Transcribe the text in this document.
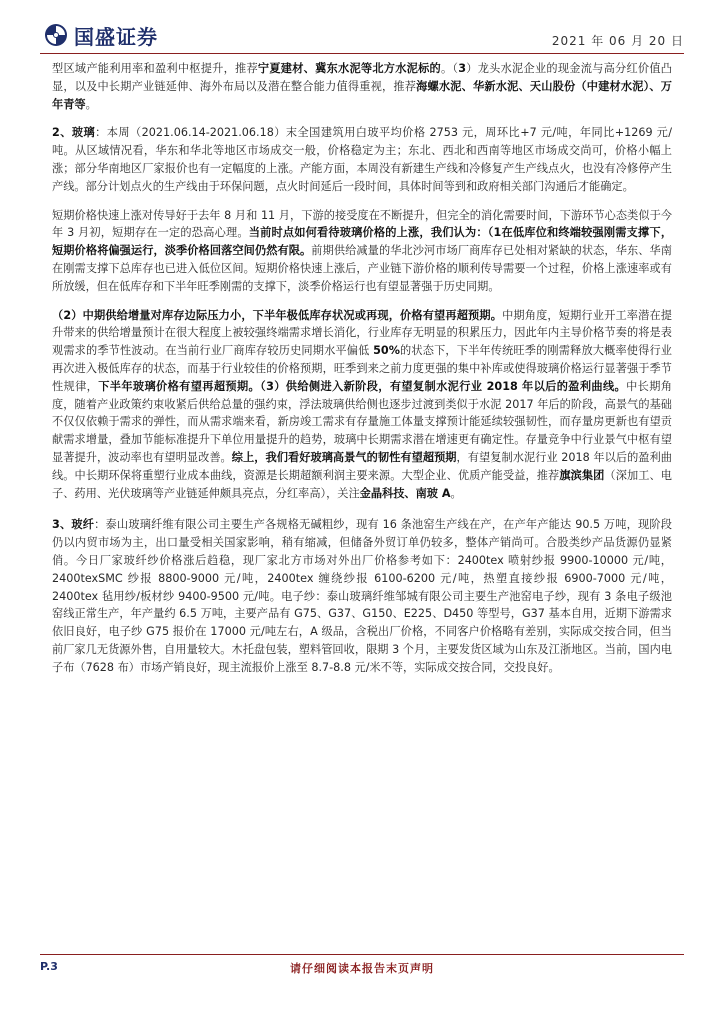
国盛证券	2021 年 06 月 20 日

型区域产能利用率和盈利中枢提升，推荐宁夏建材、冀东水泥等北方水泥标的。（3）龙头水泥企业的现金流与高分红价值凸显，以及中长期产业链延伸、海外布局以及潜在整合能力值得重视，推荐海螺水泥、华新水泥、天山股份（中建材水泥）、万年青等。

2、玻璃：本周（2021.06.14-2021.06.18）末全国建筑用白玻平均价格 2753 元，周环比+7 元/吨，年同比+1269 元/吨。从区域情况看，华东和华北等地区市场成交一般，价格稳定为主；东北、西北和西南等地区市场成交尚可，价格小幅上涨；部分华南地区厂家报价也有一定幅度的上涨。产能方面，本周没有新建生产线和冷修复产生产线点火，也没有冷修停产生产线。部分计划点火的生产线由于环保问题，点火时间延后一段时间，具体时间等到和政府相关部门沟通后才能确定。

短期价格快速上涨对传导好于去年 8 月和 11 月，下游的接受度在不断提升，但完全的消化需要时间，下游环节心态类似于今年 3 月初，短期存在一定的恐高心理。当前时点如何看待玻璃价格的上涨，我们认为：（1在低库位和终端较强刚需支撑下，短期价格将偏强运行，淡季价格回落空间仍然有限。前期供给减量的华北沙河市场厂商库存已处相对紧缺的状态，华东、华南在刚需支撑下总库存也已进入低位区间。短期价格快速上涨后，产业链下游价格的顺利传导需要一个过程，价格上涨速率或有所放缓，但在低库存和下半年旺季刚需的支撑下，淡季价格运行也有望显著强于历史同期。

（2）中期供给增量对库存边际压力小，下半年极低库存状况或再现，价格有望再超预期。中期角度，短期行业开工率潜在提升带来的供给增量预计在很大程度上被较强终端需求增长消化，行业库存无明显的积累压力，因此年内主导价格节奏的将是表观需求的季节性波动。在当前行业厂商库存较历史同期水平偏低 50%的状态下，下半年传统旺季的刚需释放大概率使得行业再次进入极低库存的状态，而基于行业较佳的价格预期，旺季到来之前力度更强的集中补库或使得玻璃价格运行显著强于季节性规律，下半年玻璃价格有望再超预期。（3）供给侧进入新阶段，有望复制水泥行业 2018 年以后的盈利曲线。中长期角度，随着产业政策约束收紧后供给总量的强约束，浮法玻璃供给侧也逐步过渡到类似于水泥 2017 年后的阶段，高景气的基础不仅仅依赖于需求的弹性，而从需求端来看，新房竣工需求有存量施工体量支撑预计能延续较强韧性，而存量房更新也有望贡献需求增量，叠加节能标准提升下单位用量提升的趋势，玻璃中长期需求潜在增速更有确定性。存量竞争中行业景气中枢有望显著提升，波动率也有望明显改善。综上，我们看好玻璃高景气的韧性有望超预期，有望复制水泥行业 2018 年以后的盈利曲线。中长期环保将重塑行业成本曲线，资源是长期超额利润主要来源。大型企业、优质产能受益，推荐旗滨集团（深加工、电子、药用、光伏玻璃等产业链延伸颇具亮点，分红率高），关注金晶科技、南玻 A。

3、玻纤：泰山玻璃纤维有限公司主要生产各规格无碱粗纱，现有 16 条池窑生产线在产，在产年产能达 90.5 万吨，现阶段仍以内贸市场为主，出口量受相关国家影响，稍有缩减，但储备外贸订单仍较多，整体产销尚可。合股类纱产品货源仍显紧俏。今日厂家玻纤纱价格涨后趋稳，现厂家北方市场对外出厂价格参考如下：2400tex 喷射纱报 9900-10000 元/吨，2400texSMC 纱报 8800-9000 元/吨，2400tex 缠绕纱报 6100-6200 元/吨，热塑直接纱报 6900-7000 元/吨，2400tex 毡用纱/板材纱 9400-9500 元/吨。电子纱：泰山玻璃纤维邹城有限公司主要生产池窑电子纱，现有 3 条电子级池窑线正常生产，年产量约 6.5 万吨，主要产品有 G75、G37、G150、E225、D450 等型号，G37 基本自用，近期下游需求依旧良好，电子纱 G75 报价在 17000 元/吨左右，A 级品，含税出厂价格，不同客户价格略有差别，实际成交按合同，但当前厂家几无货源外售，自用量较大。木托盘包装，塑料管回收，限期 3 个月，主要发货区域为山东及江浙地区。当前，国内电子布（7628 布）市场产销良好，现主流报价上涨至 8.7-8.8 元/米不等，实际成交按合同，交投良好。

P.3	请仔细阅读本报告末页声明
